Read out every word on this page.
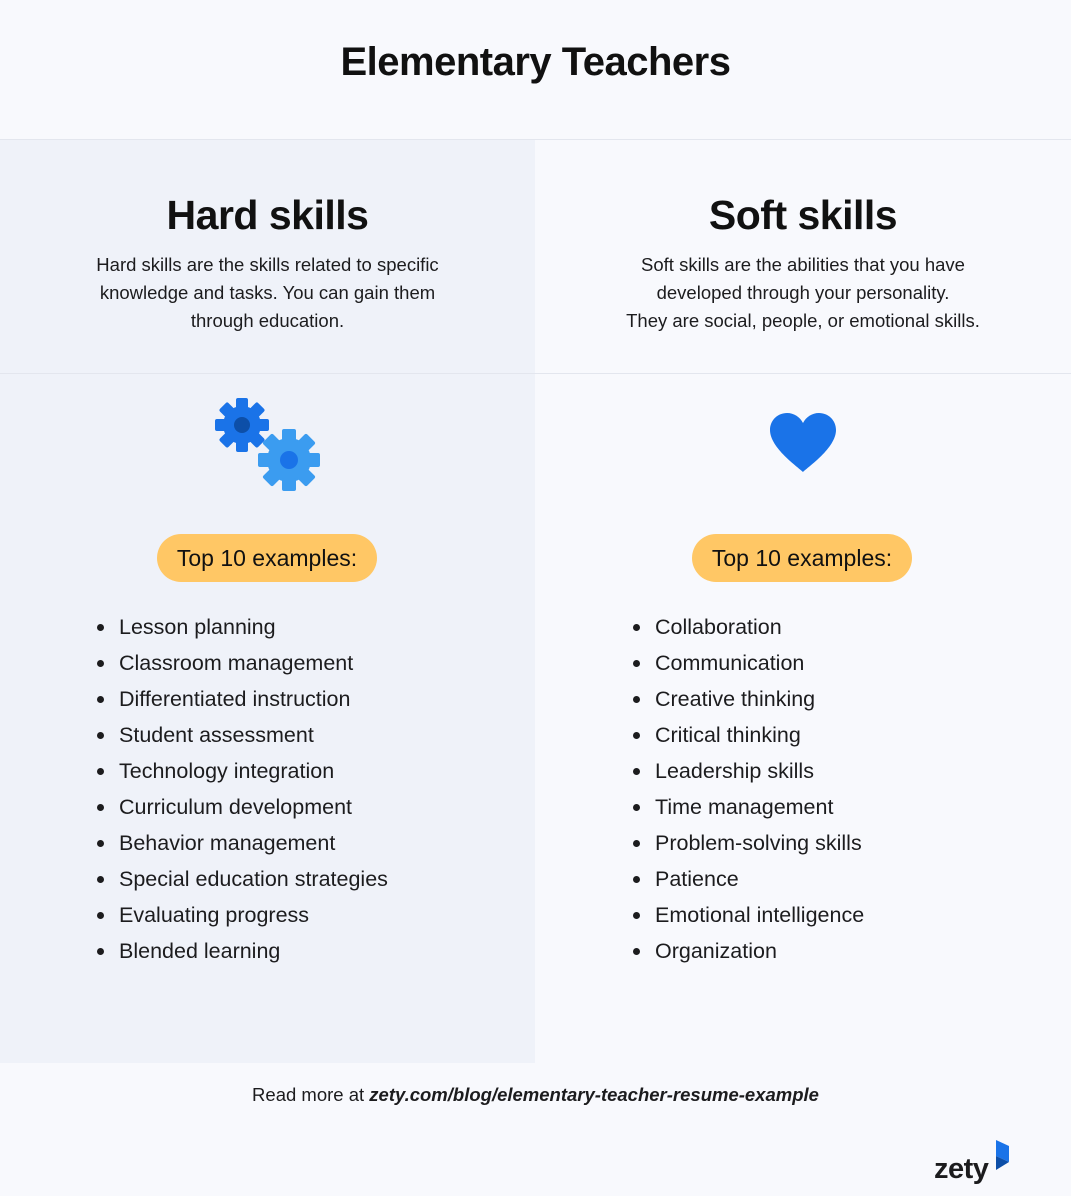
Elementary Teachers
Hard skills

Hard skills are the skills related to specific knowledge and tasks. You can gain them through education.

Top 10 examples:
Lesson planning
Classroom management
Differentiated instruction
Student assessment
Technology integration
Curriculum development
Behavior management
Special education strategies
Evaluating progress
Blended learning
Soft skills

Soft skills are the abilities that you have
developed through your personality.
They are social, people, or emotional skills.

Top 10 examples:
Collaboration
Communication
Creative thinking
Critical thinking
Leadership skills
Time management
Problem-solving skills
Patience
Emotional intelligence
Organization
Read more at zety.com/blog/elementary-teacher-resume-example
zety
